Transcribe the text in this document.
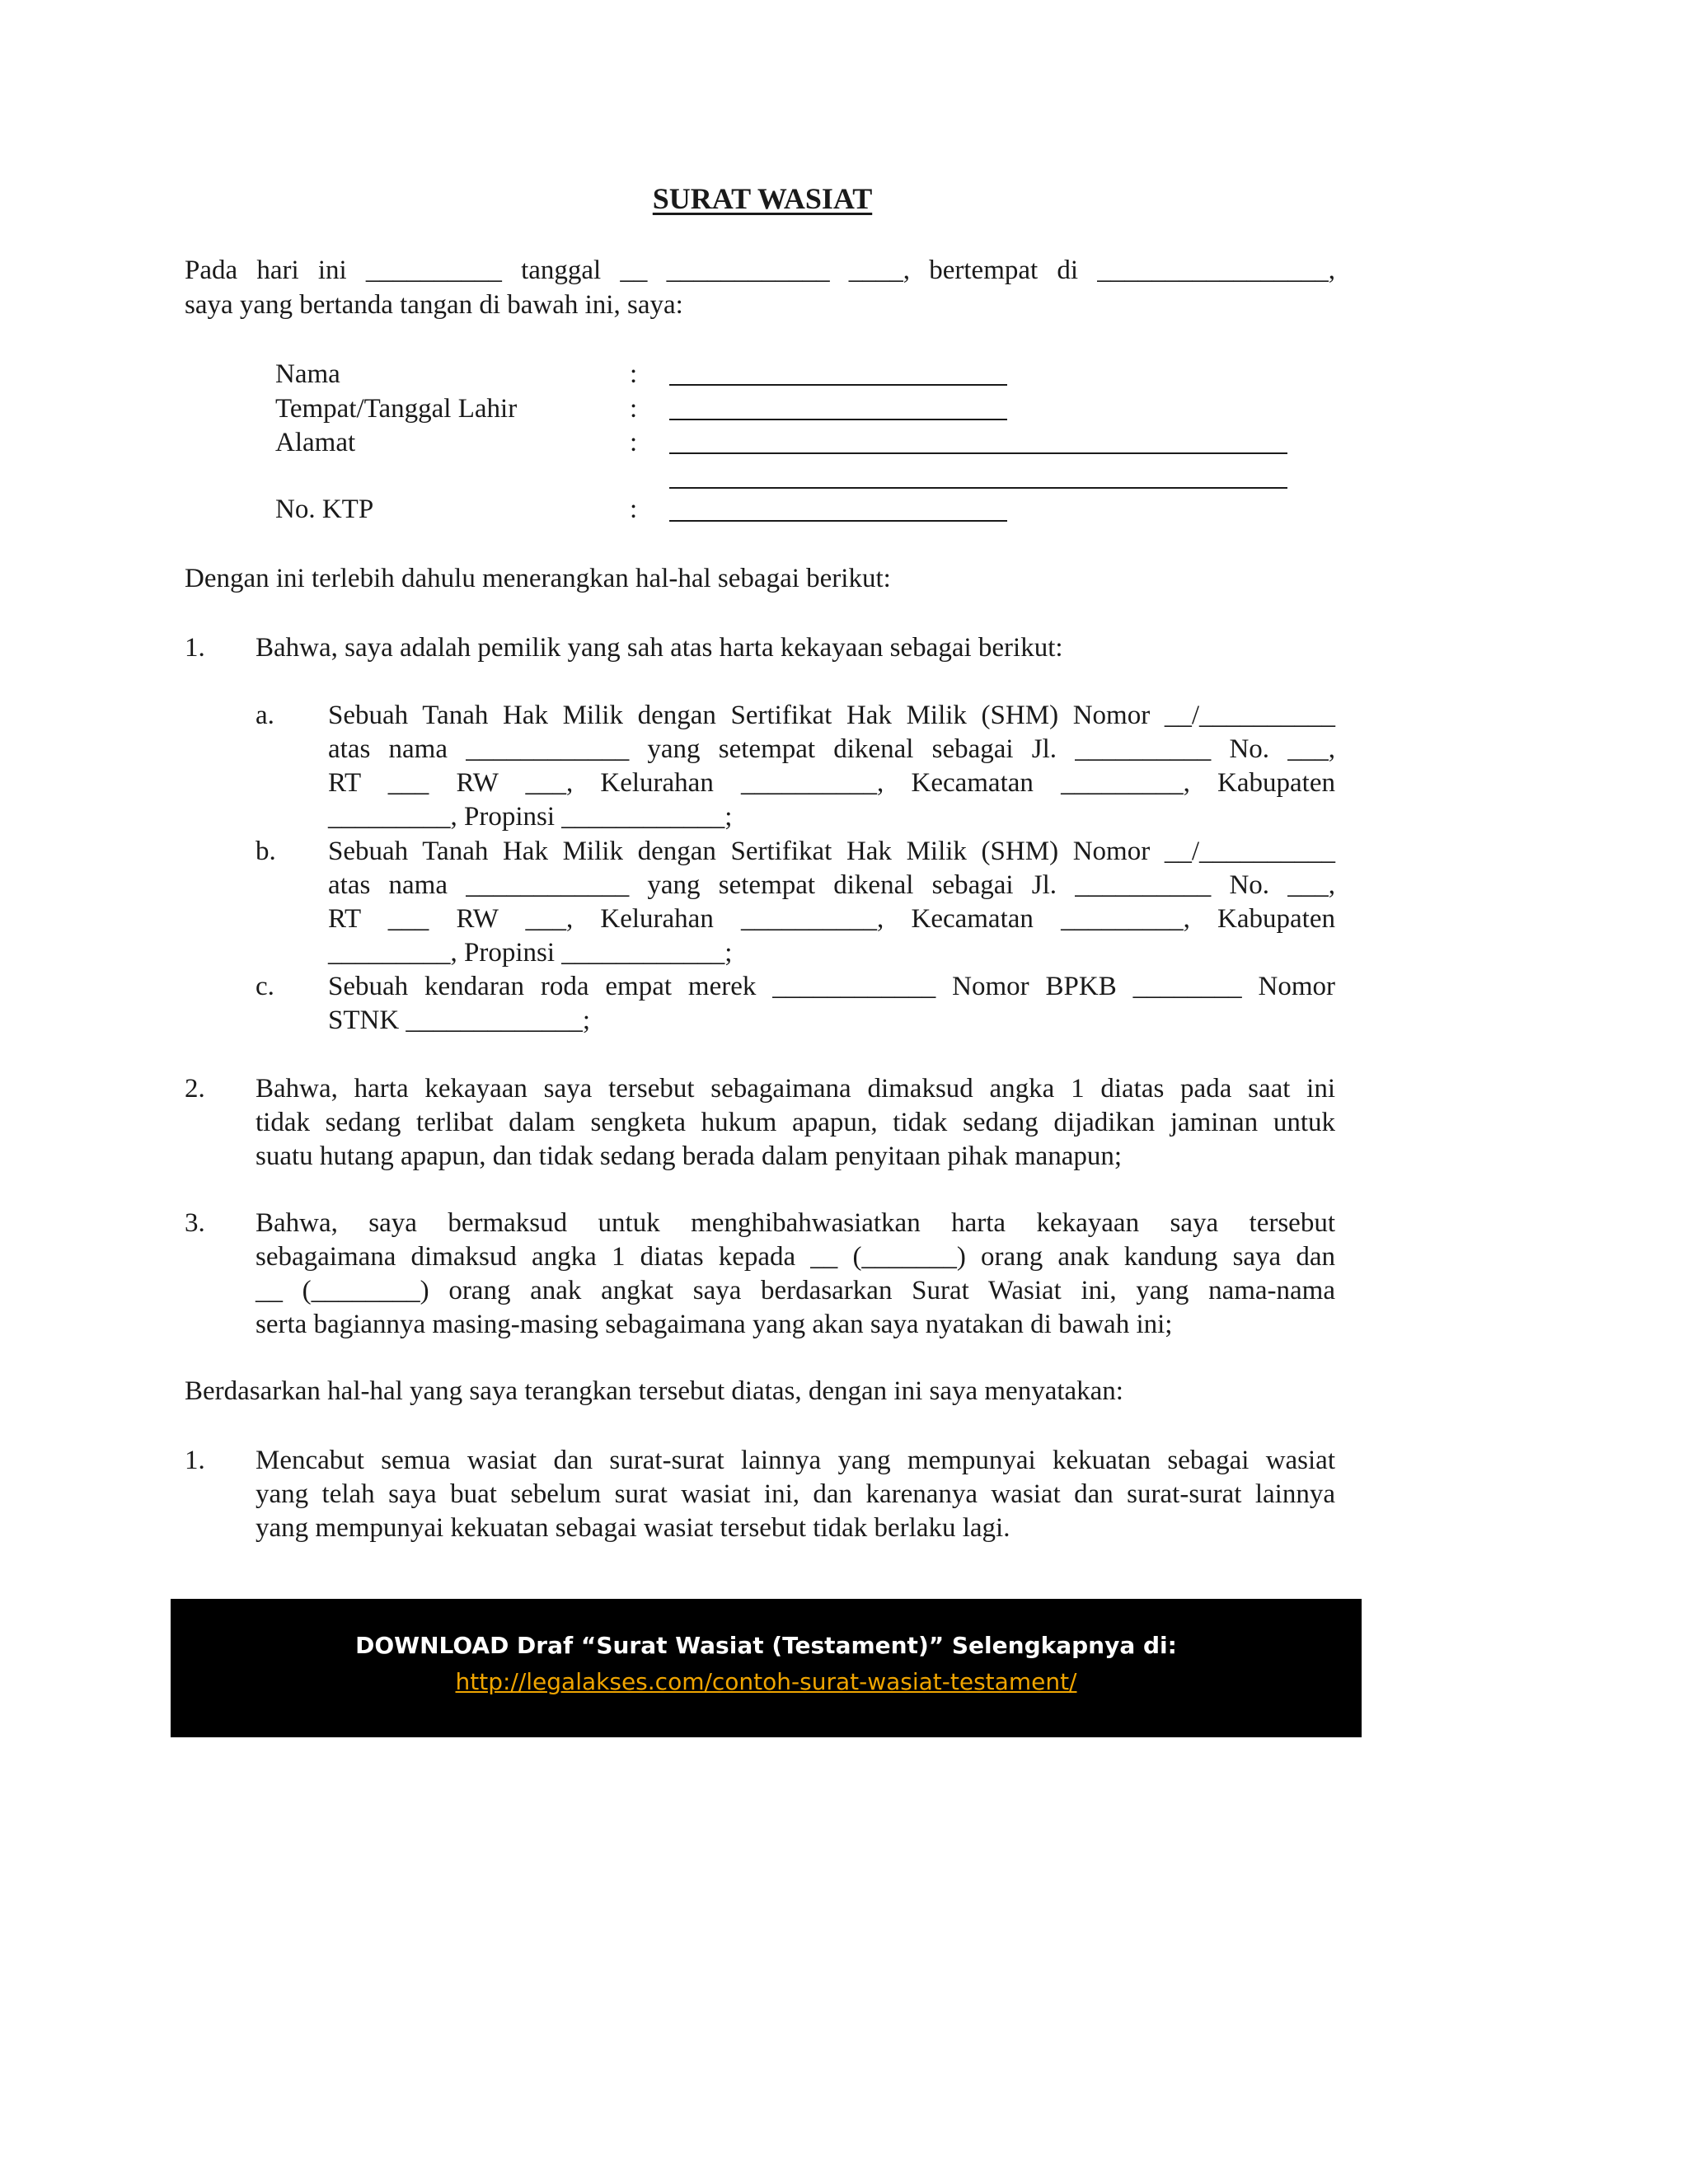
SURAT WASIAT
Pada hari ini __________ tanggal __ ____________ ____, bertempat di _________________,
saya yang bertanda tangan di bawah ini, saya:
Nama	:
Tempat/Tanggal Lahir	:
Alamat	:
No. KTP	:
Dengan ini terlebih dahulu menerangkan hal-hal sebagai berikut:
1. Bahwa, saya adalah pemilik yang sah atas harta kekayaan sebagai berikut:
a. Sebuah Tanah Hak Milik dengan Sertifikat Hak Milik (SHM) Nomor __/__________
atas nama ____________ yang setempat dikenal sebagai Jl. __________ No. ___,
RT ___ RW ___, Kelurahan __________, Kecamatan _________, Kabupaten
_________, Propinsi ____________;
b. Sebuah Tanah Hak Milik dengan Sertifikat Hak Milik (SHM) Nomor __/__________
atas nama ____________ yang setempat dikenal sebagai Jl. __________ No. ___,
RT ___ RW ___, Kelurahan __________, Kecamatan _________, Kabupaten
_________, Propinsi ____________;
c. Sebuah kendaran roda empat merek ____________ Nomor BPKB ________ Nomor
STNK _____________;
2. Bahwa, harta kekayaan saya tersebut sebagaimana dimaksud angka 1 diatas pada saat ini
tidak sedang terlibat dalam sengketa hukum apapun, tidak sedang dijadikan jaminan untuk
suatu hutang apapun, dan tidak sedang berada dalam penyitaan pihak manapun;
3. Bahwa, saya bermaksud untuk menghibahwasiatkan harta kekayaan saya tersebut
sebagaimana dimaksud angka 1 diatas kepada __ (_______) orang anak kandung saya dan
__ (________) orang anak angkat saya berdasarkan Surat Wasiat ini, yang nama-nama
serta bagiannya masing-masing sebagaimana yang akan saya nyatakan di bawah ini;
Berdasarkan hal-hal yang saya terangkan tersebut diatas, dengan ini saya menyatakan:
1. Mencabut semua wasiat dan surat-surat lainnya yang mempunyai kekuatan sebagai wasiat
yang telah saya buat sebelum surat wasiat ini, dan karenanya wasiat dan surat-surat lainnya
yang mempunyai kekuatan sebagai wasiat tersebut tidak berlaku lagi.
DOWNLOAD Draf “Surat Wasiat (Testament)” Selengkapnya di:
http://legalakses.com/contoh-surat-wasiat-testament/
